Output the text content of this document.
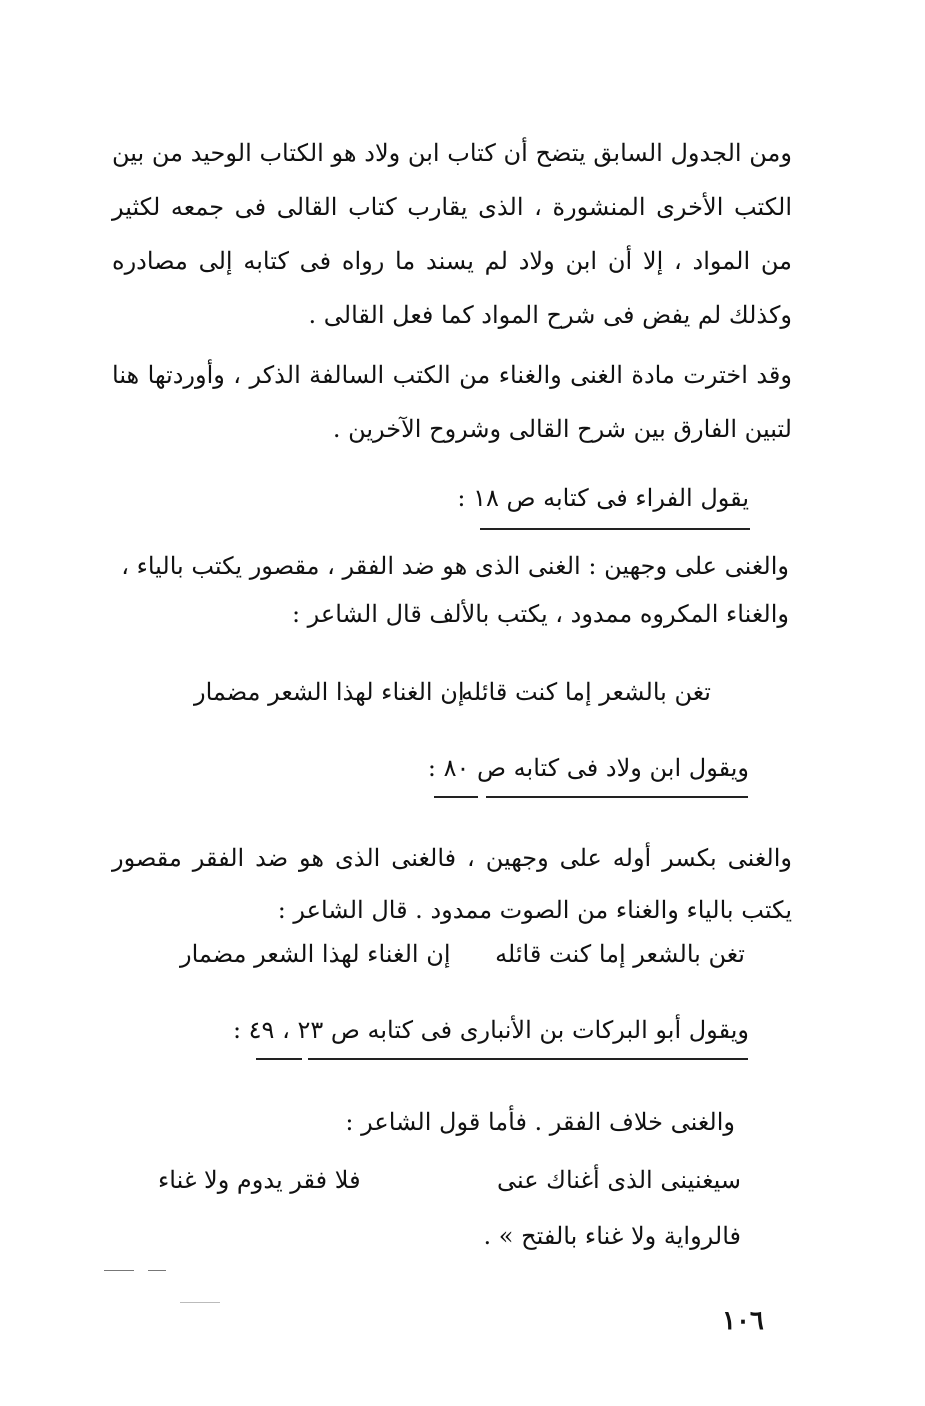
ومن الجدول السابق يتضح أن كتاب ابن ولاد هو الكتاب الوحيد من بين الكتب الأخرى المنشورة ، الذى يقارب كتاب القالى فى جمعه لكثير من المواد ، إلا أن ابن ولاد لم يسند ما رواه فى كتابه إلى مصادره وكذلك لم يفض فى شرح المواد كما فعل القالى .
وقد اخترت مادة الغنى والغناء من الكتب السالفة الذكر ، وأوردتها هنا لتبين الفارق بين شرح القالى وشروح الآخرين .
يقول الفراء فى كتابه ص ١٨ :
والغنى على وجهين : الغنى الذى هو ضد الفقر ، مقصور يكتب بالياء ،
والغناء المكروه ممدود ، يكتب بالألف قال الشاعر :
تغن بالشعر إما كنت قائله
إن الغناء لهذا الشعر مضمار
ويقول ابن ولاد فى كتابه ص ٨٠ :
والغنى بكسر أوله على وجهين ، فالغنى الذى هو ضد الفقر مقصور يكتب بالياء والغناء من الصوت ممدود . قال الشاعر :
تغن بالشعر إما كنت قائله
إن الغناء لهذا الشعر مضمار
ويقول أبو البركات بن الأنبارى فى كتابه ص ٢٣ ، ٤٩ :
والغنى خلاف الفقر . فأما قول الشاعر :
سيغنينى الذى أغناك عنى
فلا فقر يدوم ولا غناء
فالرواية ولا غناء بالفتح » .
١٠٦
